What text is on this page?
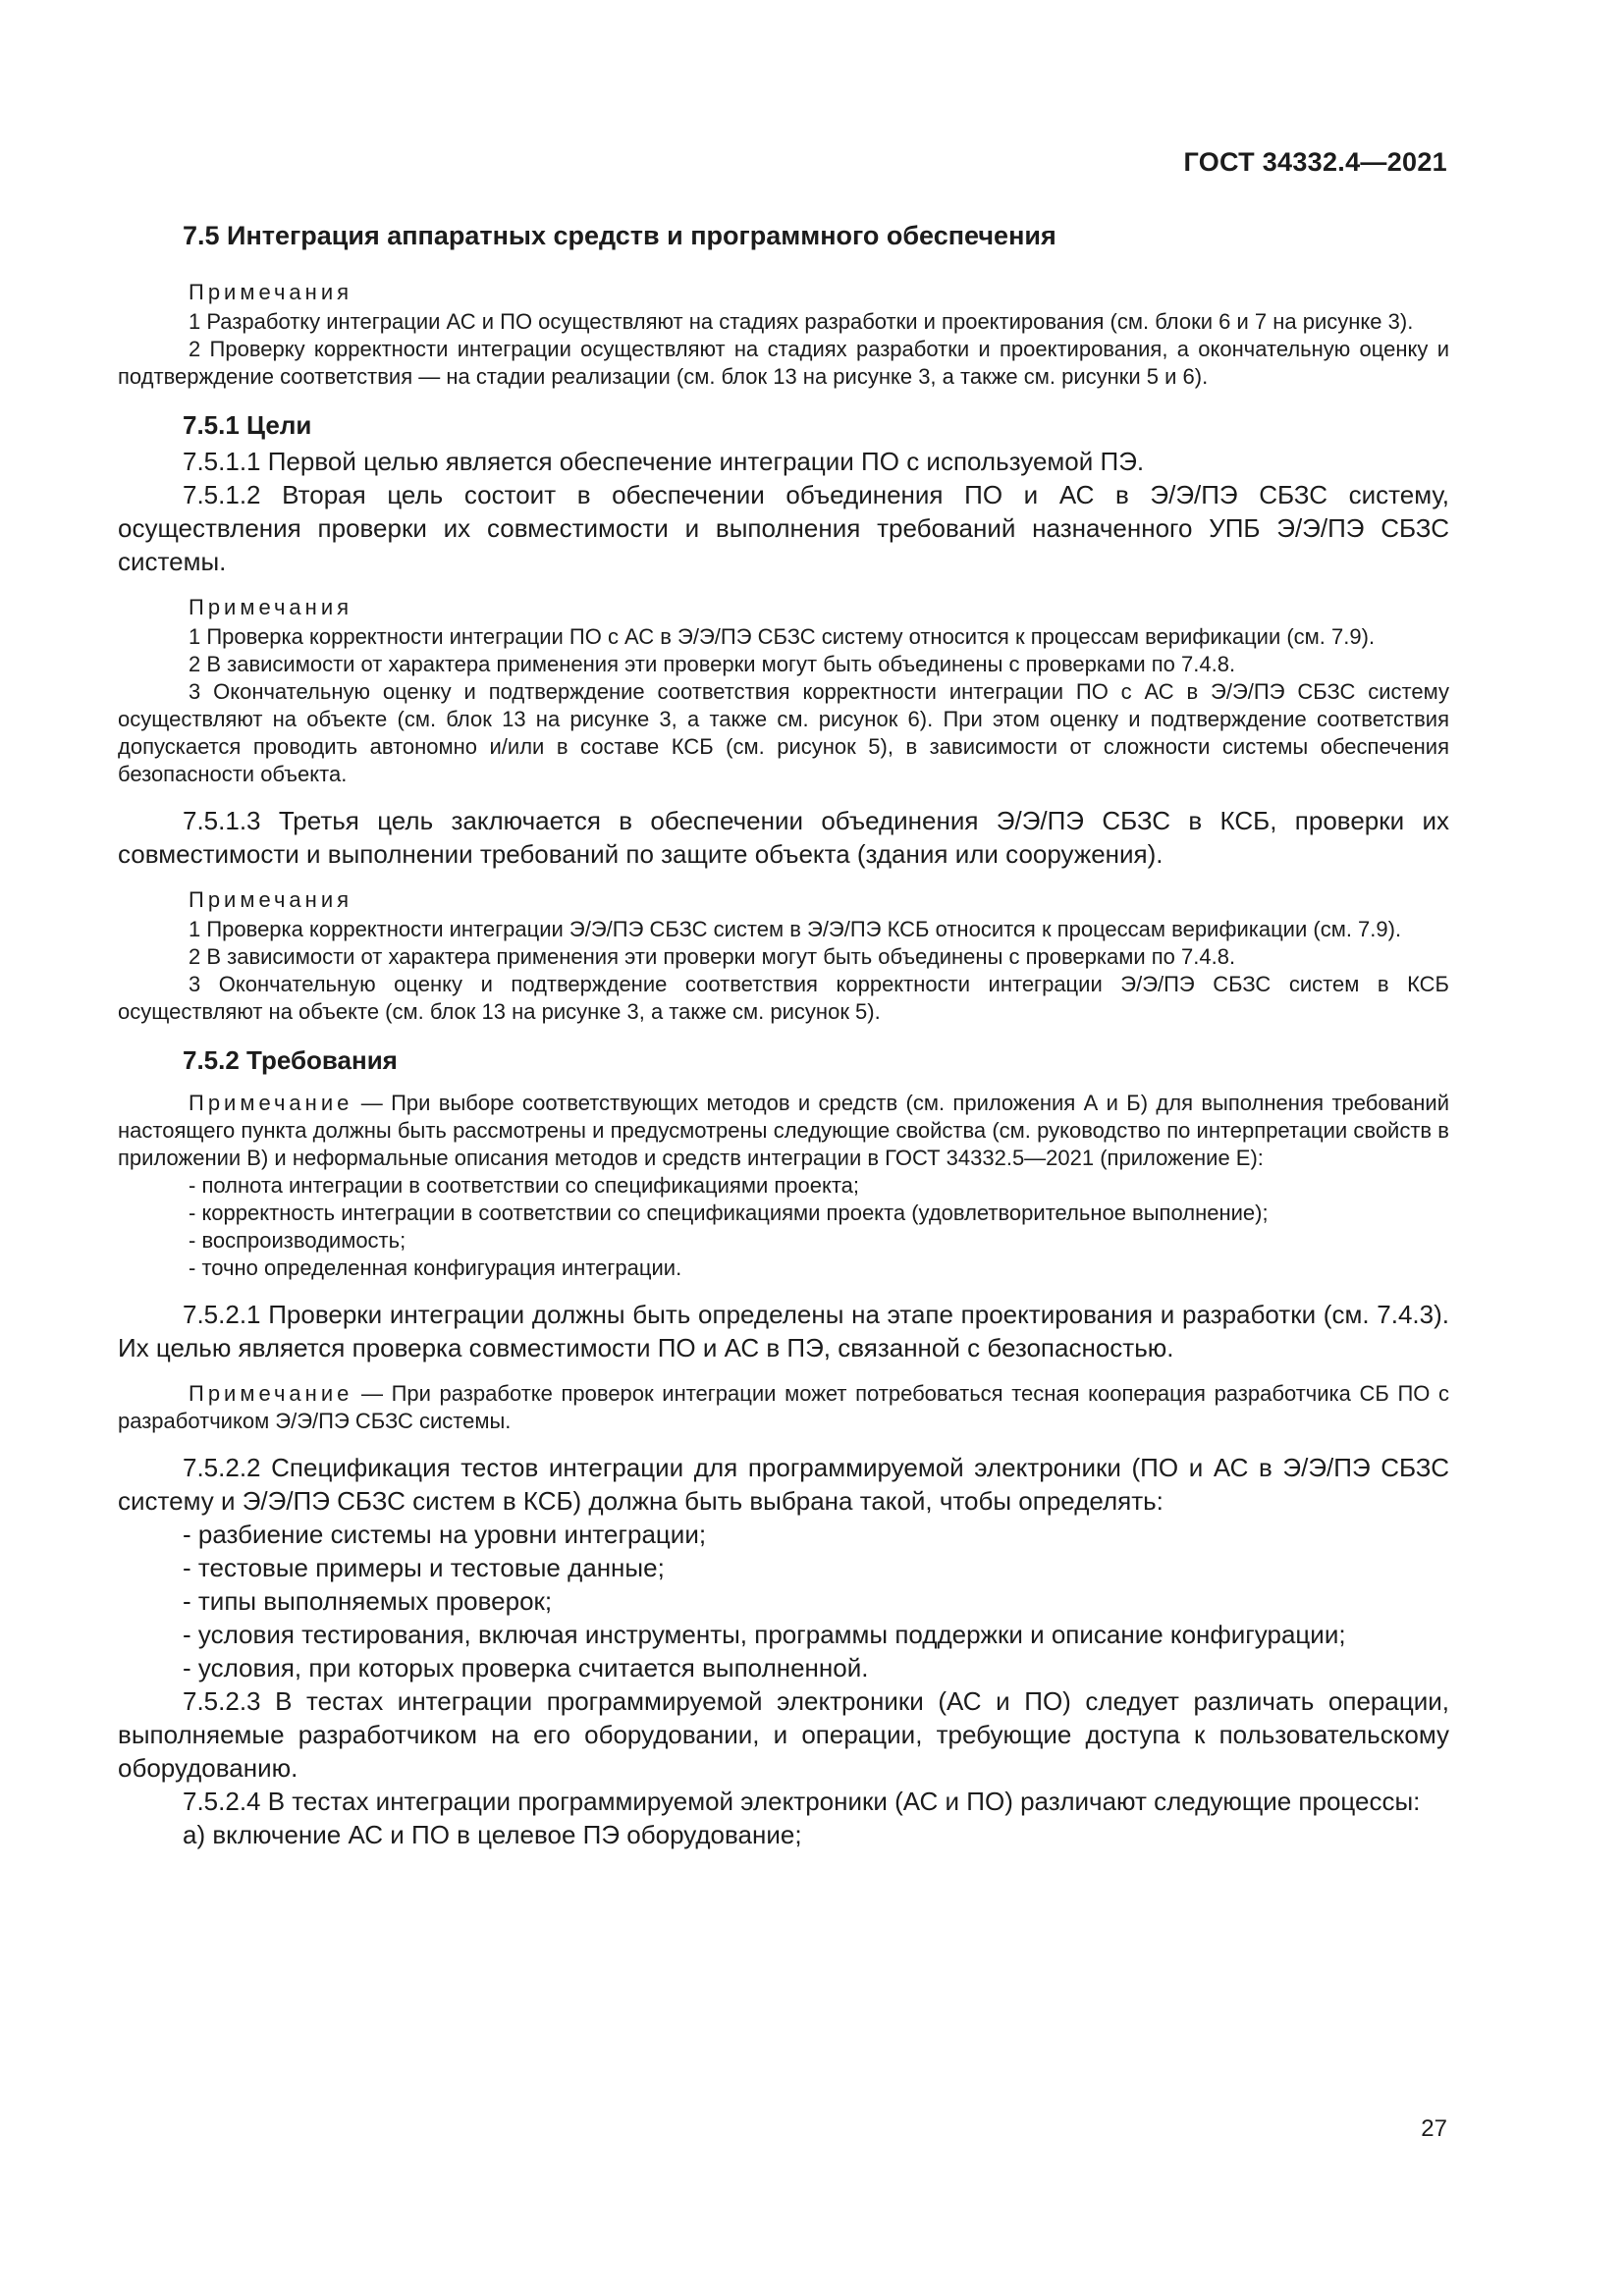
ГОСТ 34332.4—2021
7.5 Интеграция аппаратных средств и программного обеспечения
Примечания

1 Разработку интеграции АС и ПО осуществляют на стадиях разработки и проектирования (см. блоки 6 и 7 на рисунке 3).

2 Проверку корректности интеграции осуществляют на стадиях разработки и проектирования, а окончательную оценку и подтверждение соответствия — на стадии реализации (см. блок 13 на рисунке 3, а также см. рисунки 5 и 6).

7.5.1 Цели

7.5.1.1 Первой целью является обеспечение интеграции ПО с используемой ПЭ.

7.5.1.2 Вторая цель состоит в обеспечении объединения ПО и АС в Э/Э/ПЭ СБЗС систему, осуществления проверки их совместимости и выполнения требований назначенного УПБ Э/Э/ПЭ СБЗС системы.

Примечания

1 Проверка корректности интеграции ПО с АС в Э/Э/ПЭ СБЗС систему относится к процессам верификации (см. 7.9).

2 В зависимости от характера применения эти проверки могут быть объединены с проверками по 7.4.8.

3 Окончательную оценку и подтверждение соответствия корректности интеграции ПО с АС в Э/Э/ПЭ СБЗС систему осуществляют на объекте (см. блок 13 на рисунке 3, а также см. рисунок 6). При этом оценку и подтверждение соответствия допускается проводить автономно и/или в составе КСБ (см. рисунок 5), в зависимости от сложности системы обеспечения безопасности объекта.

7.5.1.3 Третья цель заключается в обеспечении объединения Э/Э/ПЭ СБЗС в КСБ, проверки их совместимости и выполнении требований по защите объекта (здания или сооружения).

Примечания

1 Проверка корректности интеграции Э/Э/ПЭ СБЗС систем в Э/Э/ПЭ КСБ относится к процессам верификации (см. 7.9).

2 В зависимости от характера применения эти проверки могут быть объединены с проверками по 7.4.8.

3 Окончательную оценку и подтверждение соответствия корректности интеграции Э/Э/ПЭ СБЗС систем в КСБ осуществляют на объекте (см. блок 13 на рисунке 3, а также см. рисунок 5).

7.5.2 Требования

Примечание — При выборе соответствующих методов и средств (см. приложения А и Б) для выполнения требований настоящего пункта должны быть рассмотрены и предусмотрены следующие свойства (см. руководство по интерпретации свойств в приложении В) и неформальные описания методов и средств интеграции в ГОСТ 34332.5—2021 (приложение Е):

- полнота интеграции в соответствии со спецификациями проекта;
- корректность интеграции в соответствии со спецификациями проекта (удовлетворительное выполнение);
- воспроизводимость;
- точно определенная конфигурация интеграции.

7.5.2.1 Проверки интеграции должны быть определены на этапе проектирования и разработки (см. 7.4.3). Их целью является проверка совместимости ПО и АС в ПЭ, связанной с безопасностью.

Примечание — При разработке проверок интеграции может потребоваться тесная кооперация разработчика СБ ПО с разработчиком Э/Э/ПЭ СБЗС системы.

7.5.2.2 Спецификация тестов интеграции для программируемой электроники (ПО и АС в Э/Э/ПЭ СБЗС систему и Э/Э/ПЭ СБЗС систем в КСБ) должна быть выбрана такой, чтобы определять:

- разбиение системы на уровни интеграции;
- тестовые примеры и тестовые данные;
- типы выполняемых проверок;
- условия тестирования, включая инструменты, программы поддержки и описание конфигурации;
- условия, при которых проверка считается выполненной.

7.5.2.3 В тестах интеграции программируемой электроники (АС и ПО) следует различать операции, выполняемые разработчиком на его оборудовании, и операции, требующие доступа к пользовательскому оборудованию.

7.5.2.4 В тестах интеграции программируемой электроники (АС и ПО) различают следующие процессы:

а) включение АС и ПО в целевое ПЭ оборудование;
27
